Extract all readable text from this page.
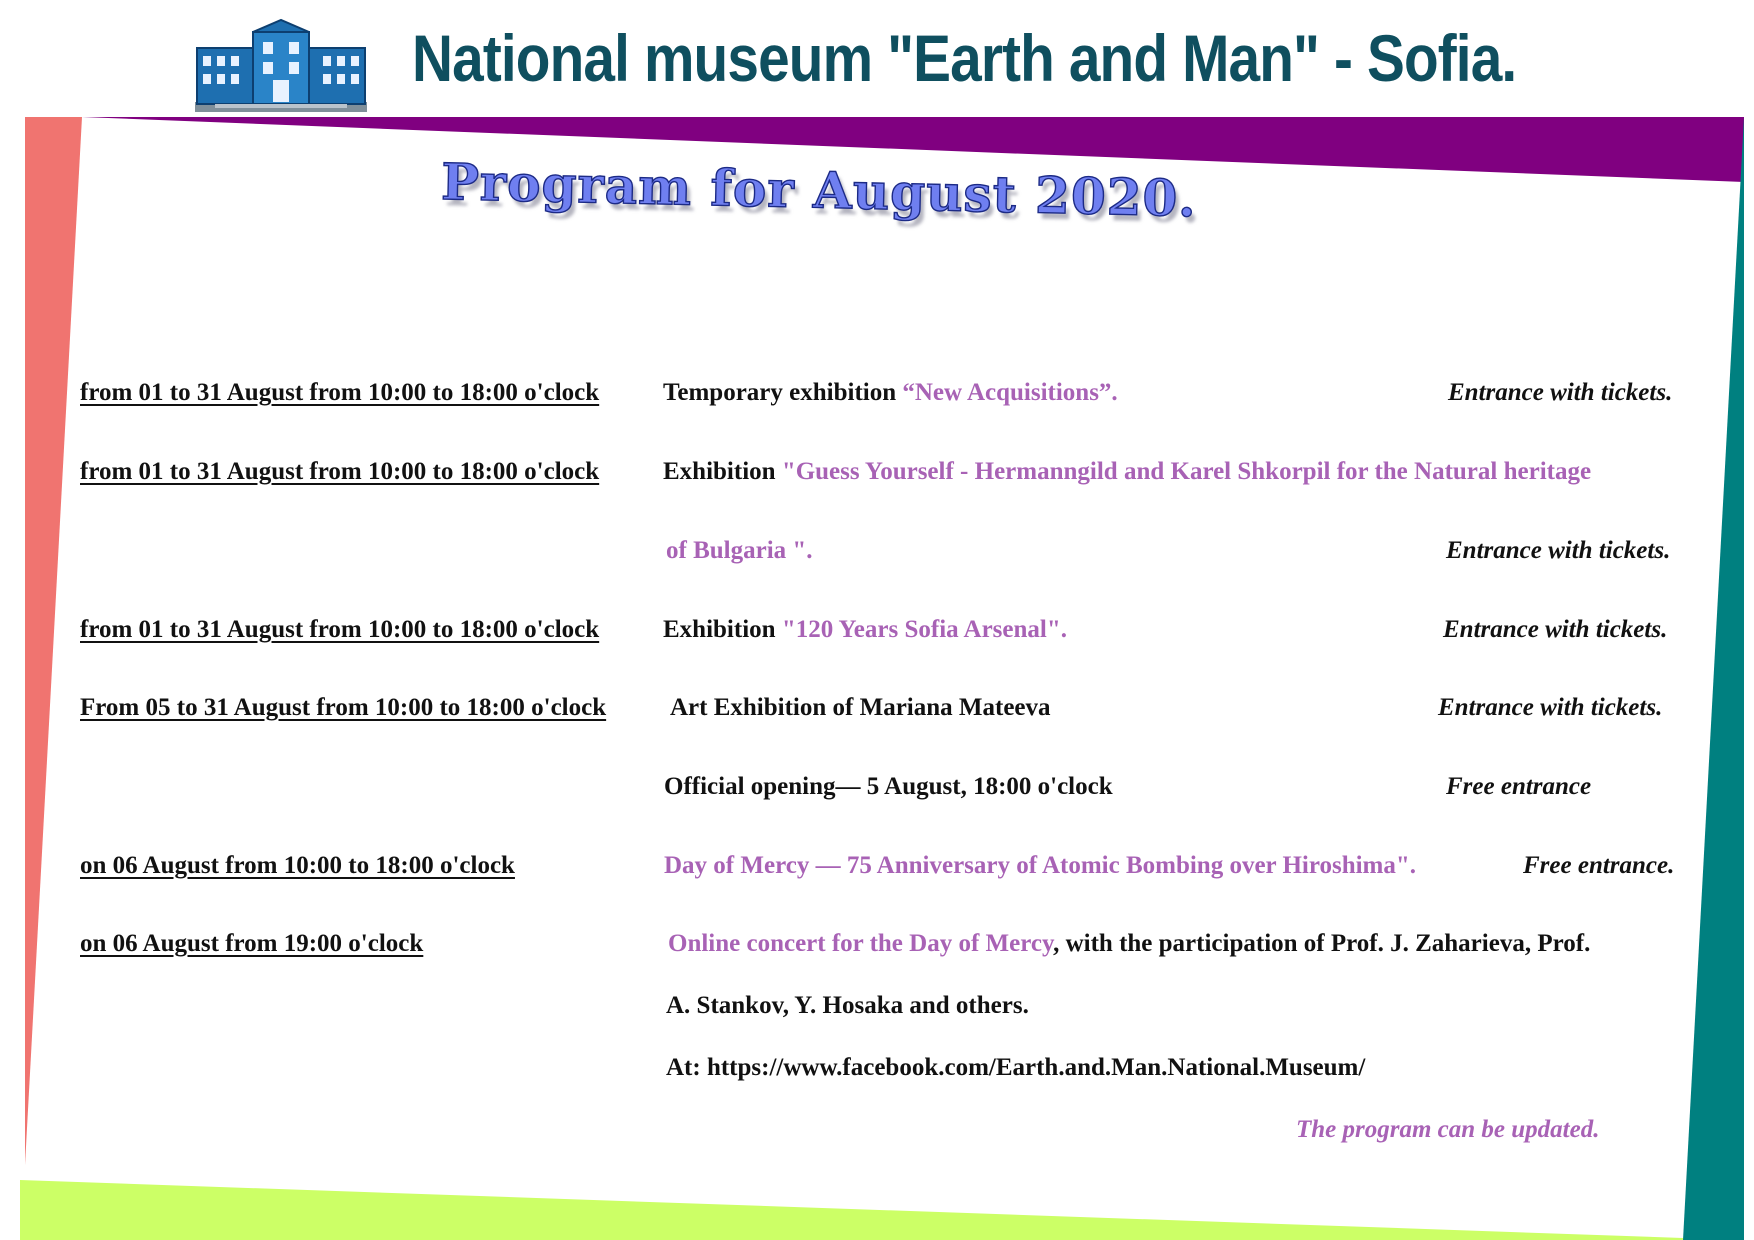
National museum "Earth and Man" - Sofia.
Program for August 2020.
from 01 to 31 August from 10:00 to 18:00 o'clock	Temporary exhibition “New Acquisitions”.	Entrance with tickets.
from 01 to 31 August from 10:00 to 18:00 o'clock	Exhibition "Guess Yourself - Hermanngild and Karel Shkorpil for the Natural heritage
of Bulgaria ".	Entrance with tickets.
from 01 to 31 August from 10:00 to 18:00 o'clock	Exhibition "120 Years Sofia Arsenal".	Entrance with tickets.
From 05 to 31 August from 10:00 to 18:00 o'clock	Art Exhibition of Mariana Mateeva	Entrance with tickets.
Official opening— 5 August, 18:00 o'clock	Free entrance
on 06 August from 10:00 to 18:00 o'clock	Day of Mercy — 75 Anniversary of Atomic Bombing over Hiroshima".	Free entrance.
on 06 August from 19:00 o'clock	Online concert for the Day of Mercy, with the participation of Prof. J. Zaharieva, Prof.
A. Stankov, Y. Hosaka and others.
At: https://www.facebook.com/Earth.and.Man.National.Museum/
The program can be updated.
